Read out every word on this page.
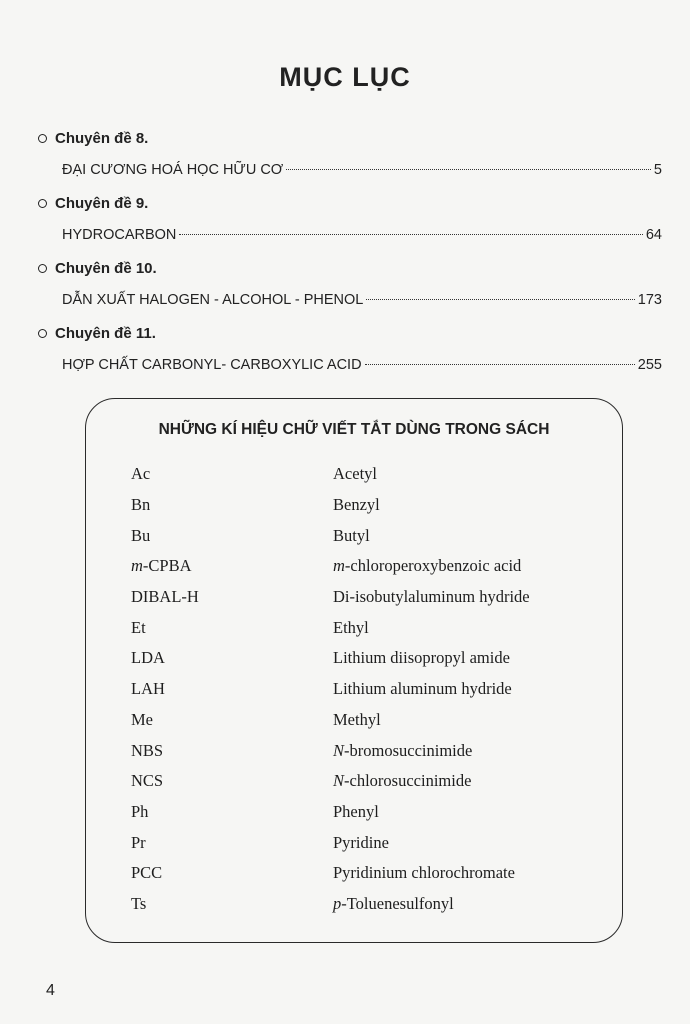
MỤC LỤC
Chuyên đề 8.
ĐẠI CƯƠNG HOÁ HỌC HỮU CƠ	5
Chuyên đề 9.
HYDROCARBON	64
Chuyên đề 10.
DẪN XUẤT HALOGEN - ALCOHOL - PHENOL	173
Chuyên đề 11.
HỢP CHẤT CARBONYL- CARBOXYLIC ACID	255
NHỮNG KÍ HIỆU CHỮ VIẾT TẮT DÙNG TRONG SÁCH
Ac	Acetyl
Bn	Benzyl
Bu	Butyl
m-CPBA	m-chloroperoxybenzoic acid
DIBAL-H	Di-isobutylaluminum hydride
Et	Ethyl
LDA	Lithium diisopropyl amide
LAH	Lithium aluminum hydride
Me	Methyl
NBS	N-bromosuccinimide
NCS	N-chlorosuccinimide
Ph	Phenyl
Pr	Pyridine
PCC	Pyridinium chlorochromate
Ts	p-Toluenesulfonyl
4
